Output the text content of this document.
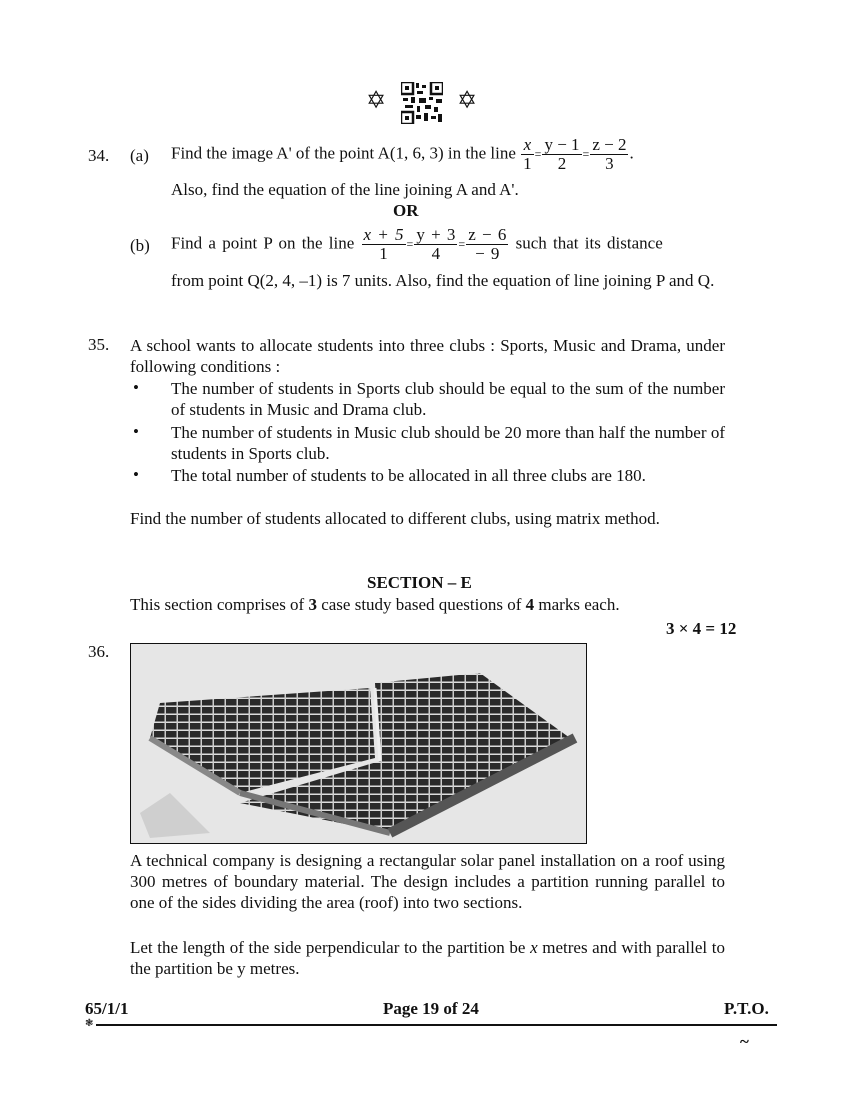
✡	✡
34. (a) Find the image A' of the point A(1, 6, 3) in the line $\frac{x}{1} = \frac{y - 1}{2} = \frac{z - 2}{3}$ .
Also, find the equation of the line joining A and A'.
OR
(b) Find a point P on the line $\frac{x + 5}{1} = \frac{y + 3}{4} = \frac{z - 6}{- 9}$ such that its distance
from point Q(2, 4, –1) is 7 units. Also, find the equation of line joining P and Q.
35. A school wants to allocate students into three clubs : Sports, Music and Drama, under following conditions :
• The number of students in Sports club should be equal to the sum of the number of students in Music and Drama club.
• The number of students in Music club should be 20 more than half the number of students in Sports club.
• The total number of students to be allocated in all three clubs are 180.
Find the number of students allocated to different clubs, using matrix method.
SECTION – E
This section comprises of 3 case study based questions of 4 marks each.
3 × 4 = 12
36.
A technical company is designing a rectangular solar panel installation on a roof using 300 metres of boundary material. The design includes a partition running parallel to one of the sides dividing the area (roof) into two sections.
Let the length of the side perpendicular to the partition be x metres and with parallel to the partition be y metres.
65/1/1	Page 19 of 24	P.T.O.
❃
~
